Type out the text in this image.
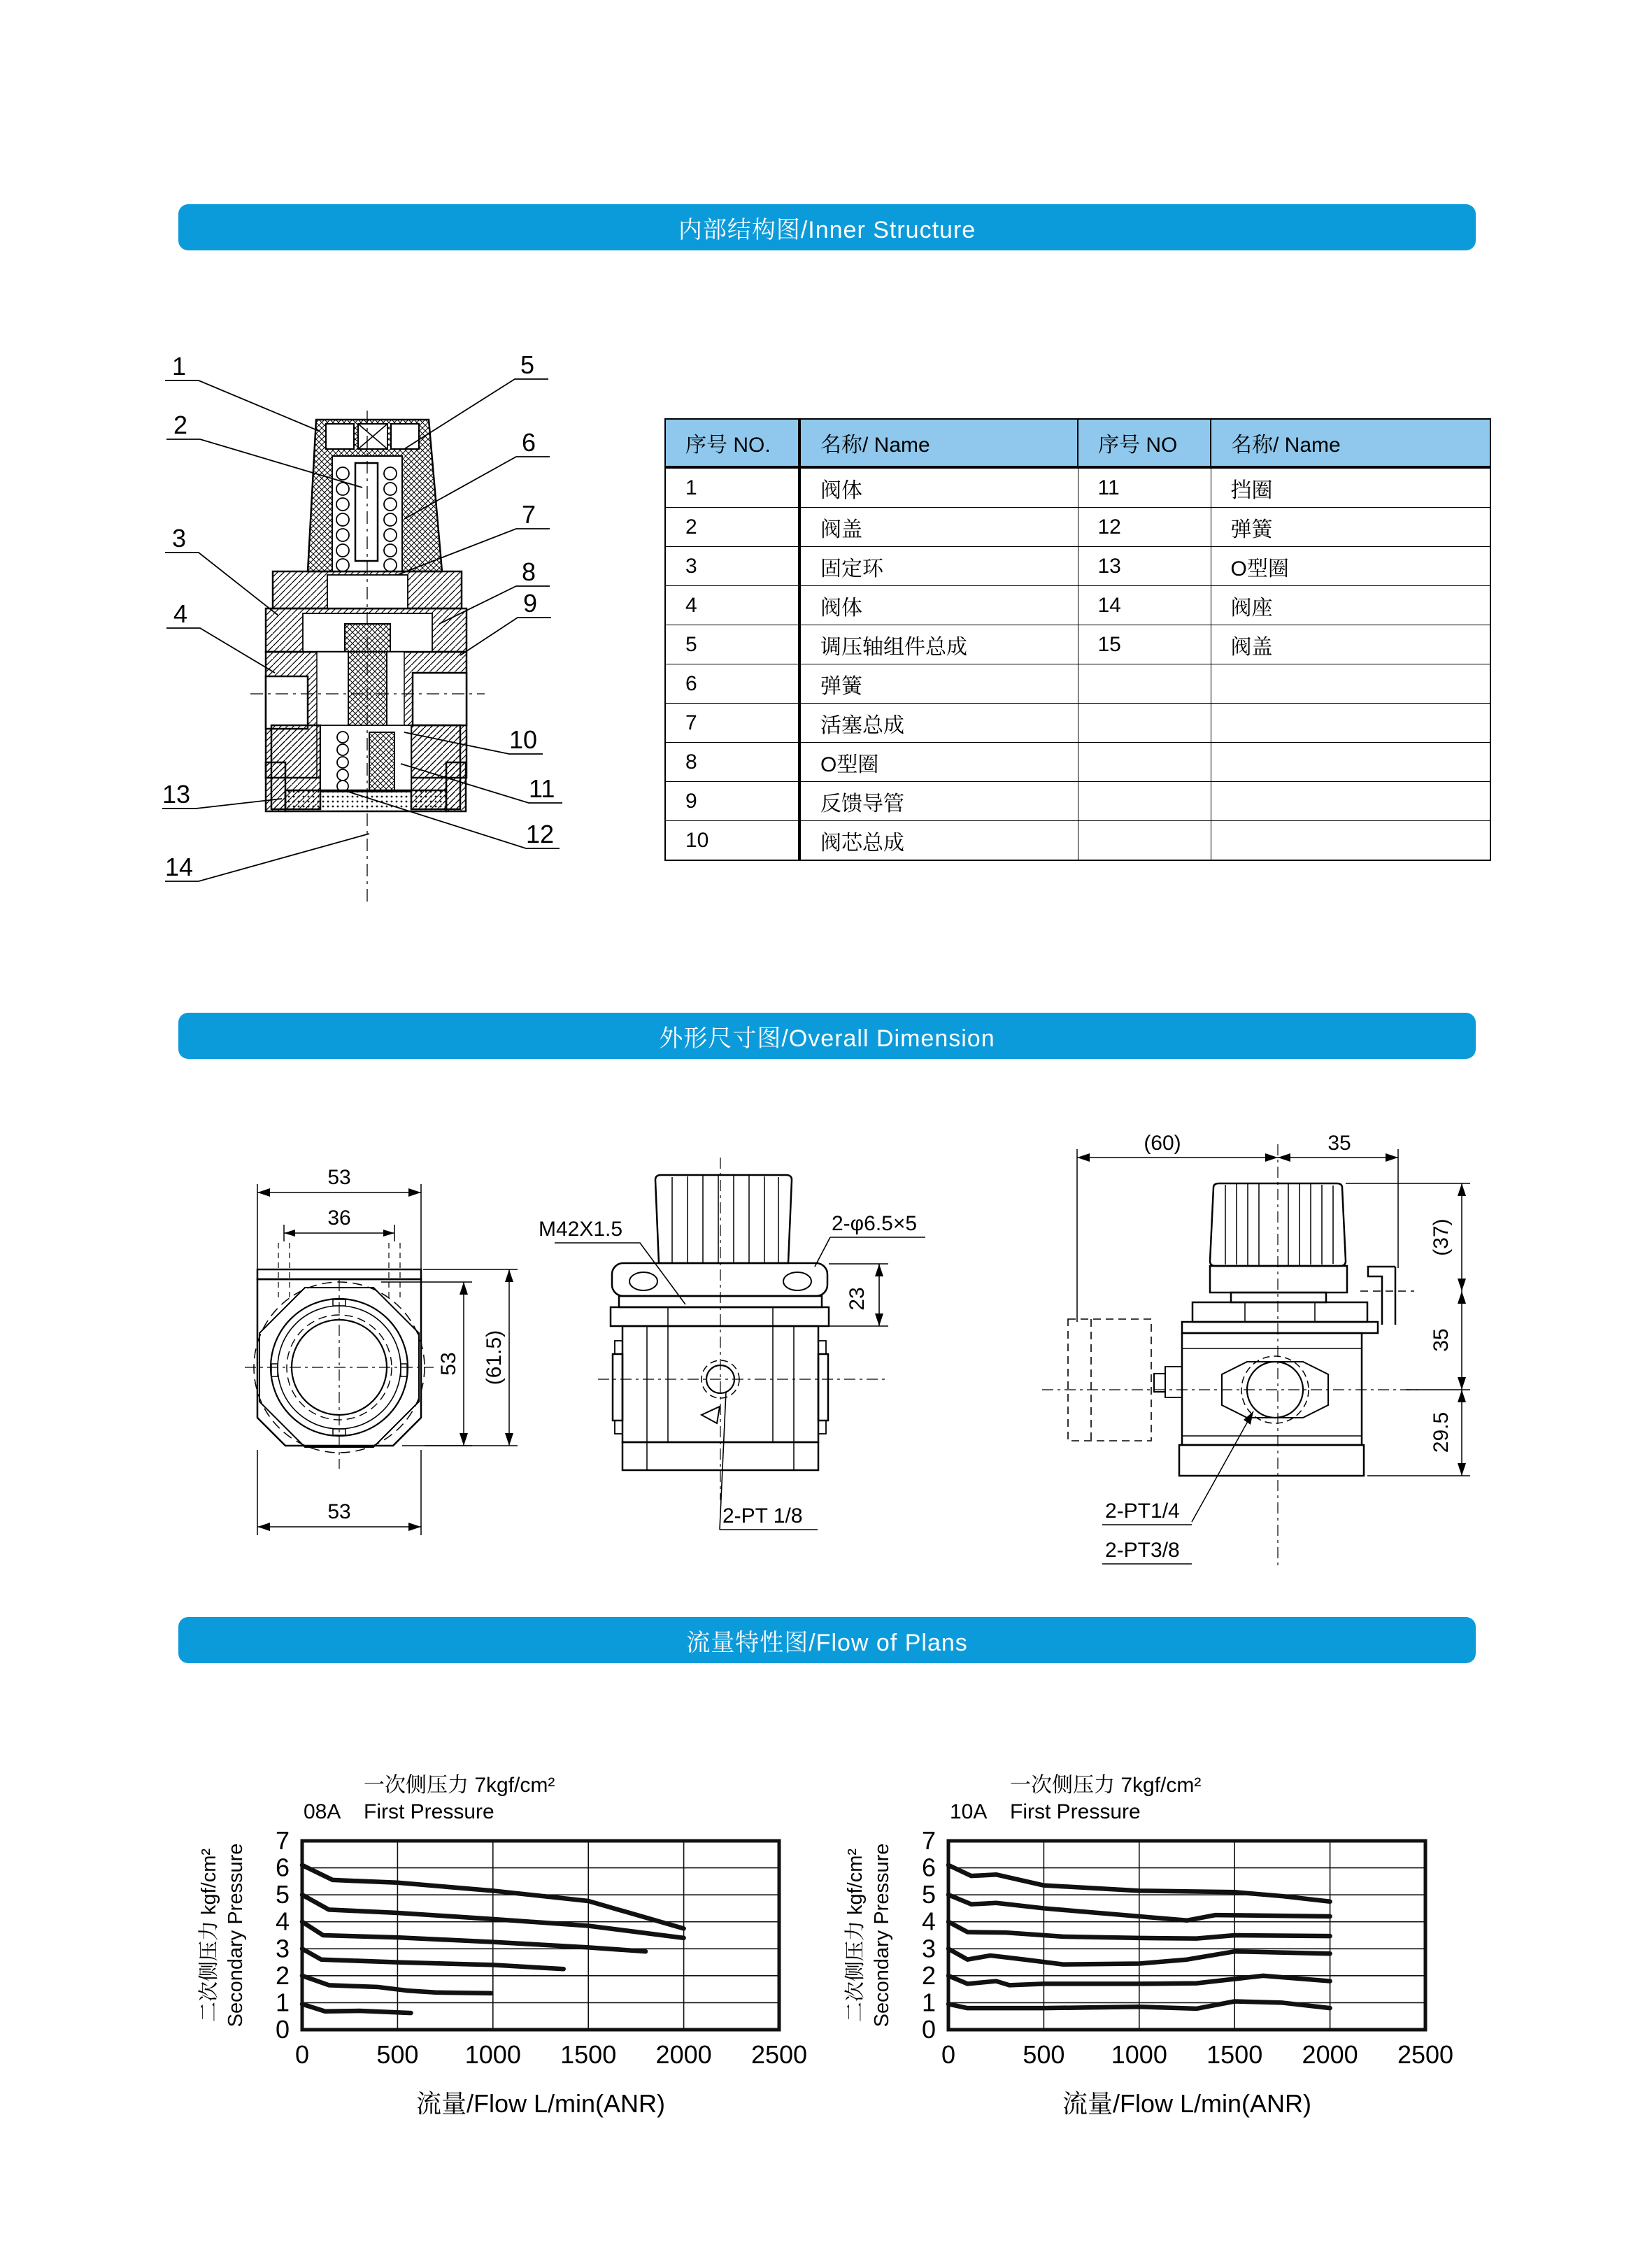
内部结构图/Inner Structure
1
2
3
4
5
6
7
8
9
10
11
12
13
14
序号 NO.	名称/ Name	序号 NO	名称/ Name
1	阀体	11	挡圈
2	阀盖	12	弹簧
3	固定环	13	O型圈
4	阀体	14	阀座
5	调压轴组件总成	15	阀盖
6	弹簧		
7	活塞总成		
8	O型圈		
9	反馈导管		
10	阀芯总成		
外形尺寸图/Overall Dimension
53
36
53
53 (61.5)
M42X1.5	2-φ6.5×5
23
2-PT 1/8
(60)	35
(37)
35
29.5
2-PT1/4
2-PT3/8
流量特性图/Flow of Plans
0
1
2
3
4
5
6
7
0	500 1000 1500 2000 2500
一次侧压力 7kgf/cm²
First Pressure
08A
二次侧压力 kgf/cm² Secondary Pressure
流量/Flow L/min(ANR)
0
1
2
3
4
5
6
7
0	500 1000 1500 2000 2500
一次侧压力 7kgf/cm²
First Pressure
10A
二次侧压力 kgf/cm² Secondary Pressure
流量/Flow L/min(ANR)
